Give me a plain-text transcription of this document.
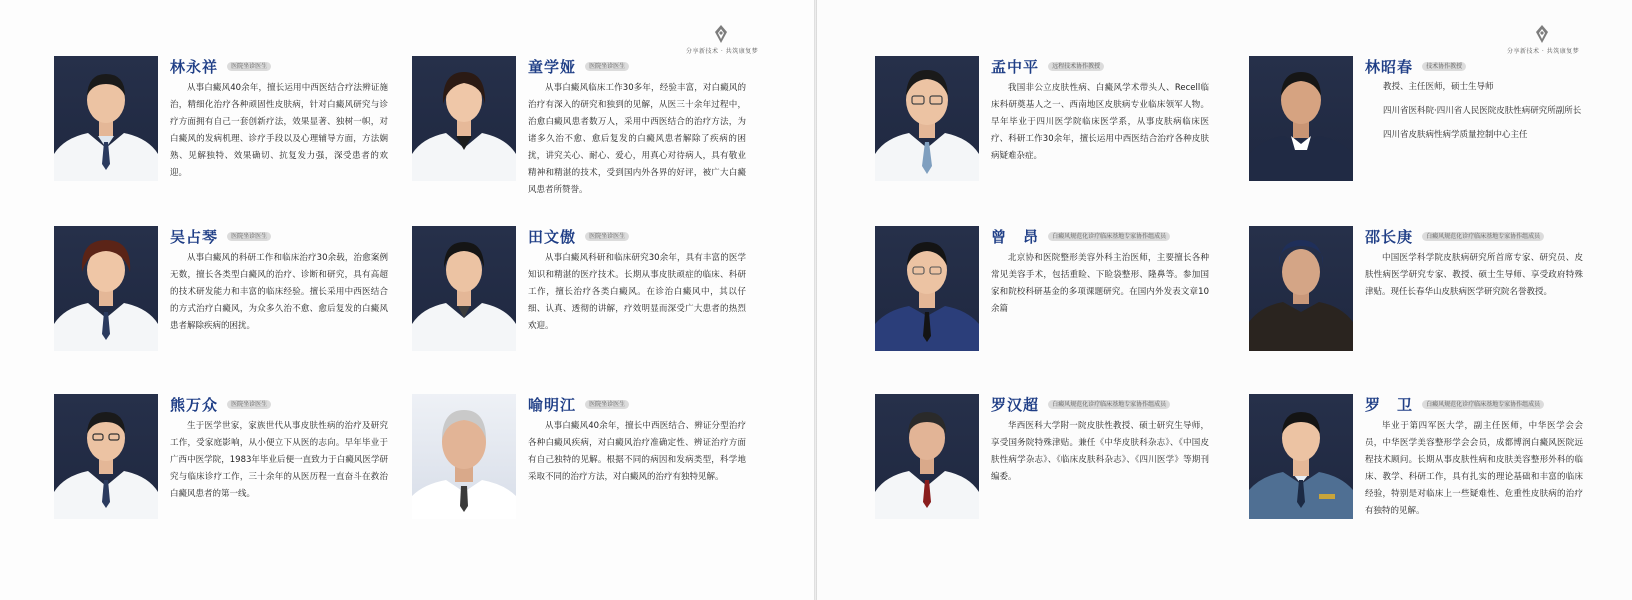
分享新技术 · 共筑康复梦
林永祥 医院坐诊医生

从事白癜风40余年，擅长运用中西医结合疗法辨证施治，精细化治疗各种顽固性皮肤病，针对白癜风研究与诊疗方面拥有自己一套创新疗法，效果显著、独树一帜，对白癜风的发病机理、诊疗手段以及心理辅导方面，方法娴熟、见解独特、效果确切、抗复发力强，深受患者的欢迎。

童学娅 医院坐诊医生

从事白癜风临床工作30多年，经验丰富，对白癜风的治疗有深入的研究和独到的见解，从医三十余年过程中，治愈白癜风患者数万人，采用中西医结合的治疗方法，为诸多久治不愈、愈后复发的白癜风患者解除了疾病的困扰，讲究关心、耐心、爱心，用真心对待病人，具有敬业精神和精湛的技术，受到国内外各界的好评，被广大白癜风患者所赞誉。

吴占琴 医院坐诊医生

从事白癜风的科研工作和临床治疗30余载，治愈案例无数，擅长各类型白癜风的治疗、诊断和研究，具有高超的技术研发能力和丰富的临床经验。擅长采用中西医结合的方式治疗白癜风，为众多久治不愈、愈后复发的白癜风患者解除疾病的困扰。

田文傲 医院坐诊医生

从事白癜风科研和临床研究30余年，具有丰富的医学知识和精湛的医疗技术。长期从事皮肤顽症的临床、科研工作，擅长治疗各类白癜风。在诊治白癜风中，其以仔细、认真、透彻的讲解，疗效明显而深受广大患者的热烈欢迎。

熊万众 医院坐诊医生

生于医学世家，家族世代从事皮肤性病的治疗及研究工作，受家庭影响，从小便立下从医的志向。早年毕业于广西中医学院，1983年毕业后便一直致力于白癜风医学研究与临床诊疗工作，三十余年的从医历程一直奋斗在救治白癜风患者的第一线。

喻明江 医院坐诊医生

从事白癜风40余年，擅长中西医结合、辨证分型治疗各种白癜风疾病，对白癜风治疗准确定性、辨证治疗方面有自己独特的见解。根据不同的病因和发病类型，科学地采取不同的治疗方法，对白癜风的治疗有独特见解。

分享新技术 · 共筑康复梦
孟中平 远程技术协作教授

我国非公立皮肤性病、白癜风学术带头人、Recell临床科研奠基人之一、西南地区皮肤病专业临床领军人物。早年毕业于四川医学院临床医学系，从事皮肤病临床医疗、科研工作30余年，擅长运用中西医结合治疗各种皮肤病疑难杂症。

林昭春 技术协作教授
教授、主任医师，硕士生导师
四川省医科院·四川省人民医院皮肤性病研究所副所长
四川省皮肤病性病学质量控制中心主任
曾　昂 白癜风规范化诊疗临床基地专家协作组成员

北京协和医院整形美容外科主治医师，主要擅长各种常见美容手术，包括重睑、下睑袋整形、隆鼻等。参加国家和院校科研基金的多项课题研究。在国内外发表文章10余篇

邵长庚 白癜风规范化诊疗临床基地专家协作组成员

中国医学科学院皮肤病研究所首席专家、研究员、皮肤性病医学研究专家、教授、硕士生导师、享受政府特殊津贴。现任长春华山皮肤病医学研究院名誉教授。

罗汉超 白癜风规范化诊疗临床基地专家协作组成员

华西医科大学附一院皮肤性教授、硕士研究生导师，享受国务院特殊津贴。兼任《中华皮肤科杂志》、《中国皮肤性病学杂志》、《临床皮肤科杂志》、《四川医学》等期刊编委。

罗　卫 白癜风规范化诊疗临床基地专家协作组成员

毕业于第四军医大学，副主任医师，中华医学会会员，中华医学美容整形学会会员，成都博润白癜风医院远程技术顾问。长期从事皮肤性病和皮肤美容整形外科的临床、教学、科研工作，具有扎实的理论基础和丰富的临床经验，特别是对临床上一些疑难性、危重性皮肤病的治疗有独特的见解。
